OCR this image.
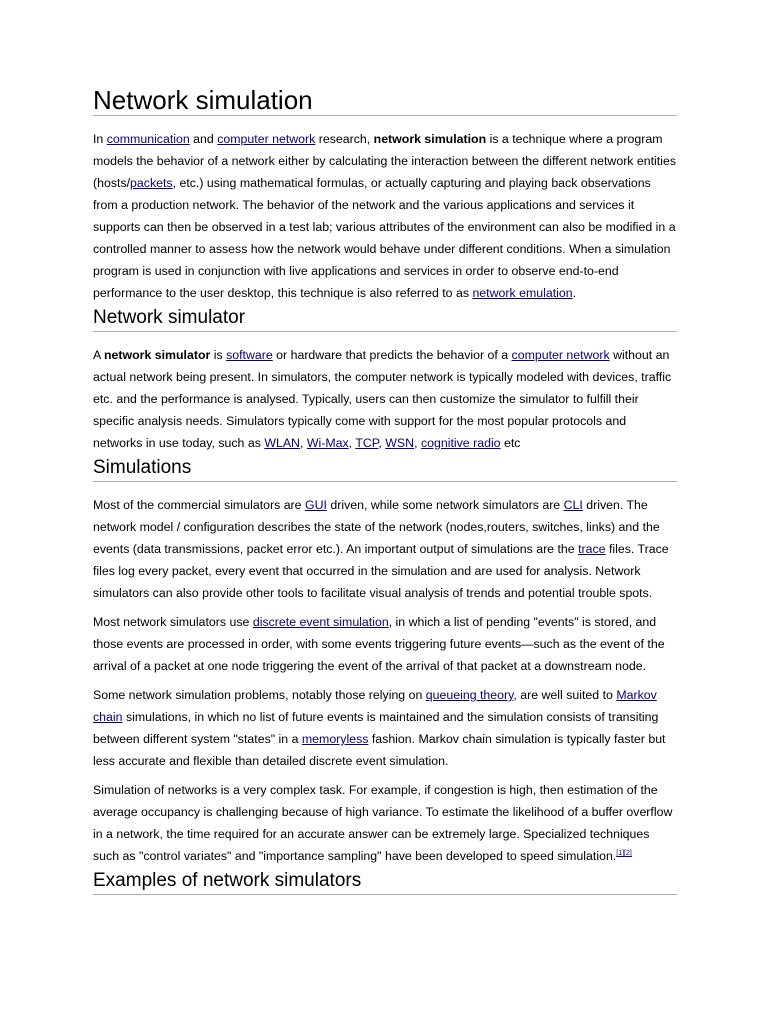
Network simulation

In communication and computer network research, network simulation is a technique where a program models the behavior of a network either by calculating the interaction between the different network entities (hosts/packets, etc.) using mathematical formulas, or actually capturing and playing back observations from a production network. The behavior of the network and the various applications and services it supports can then be observed in a test lab; various attributes of the environment can also be modified in a controlled manner to assess how the network would behave under different conditions. When a simulation program is used in conjunction with live applications and services in order to observe end-to-end performance to the user desktop, this technique is also referred to as network emulation.

Network simulator

A network simulator is software or hardware that predicts the behavior of a computer network without an actual network being present. In simulators, the computer network is typically modeled with devices, traffic etc. and the performance is analysed. Typically, users can then customize the simulator to fulfill their specific analysis needs. Simulators typically come with support for the most popular protocols and networks in use today, such as WLAN, Wi-Max, TCP, WSN, cognitive radio etc

Simulations

Most of the commercial simulators are GUI driven, while some network simulators are CLI driven. The network model / configuration describes the state of the network (nodes,routers, switches, links) and the events (data transmissions, packet error etc.). An important output of simulations are the trace files. Trace files log every packet, every event that occurred in the simulation and are used for analysis. Network simulators can also provide other tools to facilitate visual analysis of trends and potential trouble spots.

Most network simulators use discrete event simulation, in which a list of pending "events" is stored, and those events are processed in order, with some events triggering future events—such as the event of the arrival of a packet at one node triggering the event of the arrival of that packet at a downstream node.

Some network simulation problems, notably those relying on queueing theory, are well suited to Markov chain simulations, in which no list of future events is maintained and the simulation consists of transiting between different system "states" in a memoryless fashion. Markov chain simulation is typically faster but less accurate and flexible than detailed discrete event simulation.

Simulation of networks is a very complex task. For example, if congestion is high, then estimation of the average occupancy is challenging because of high variance. To estimate the likelihood of a buffer overflow in a network, the time required for an accurate answer can be extremely large. Specialized techniques such as "control variates" and "importance sampling" have been developed to speed simulation.[1][2]

Examples of network simulators
